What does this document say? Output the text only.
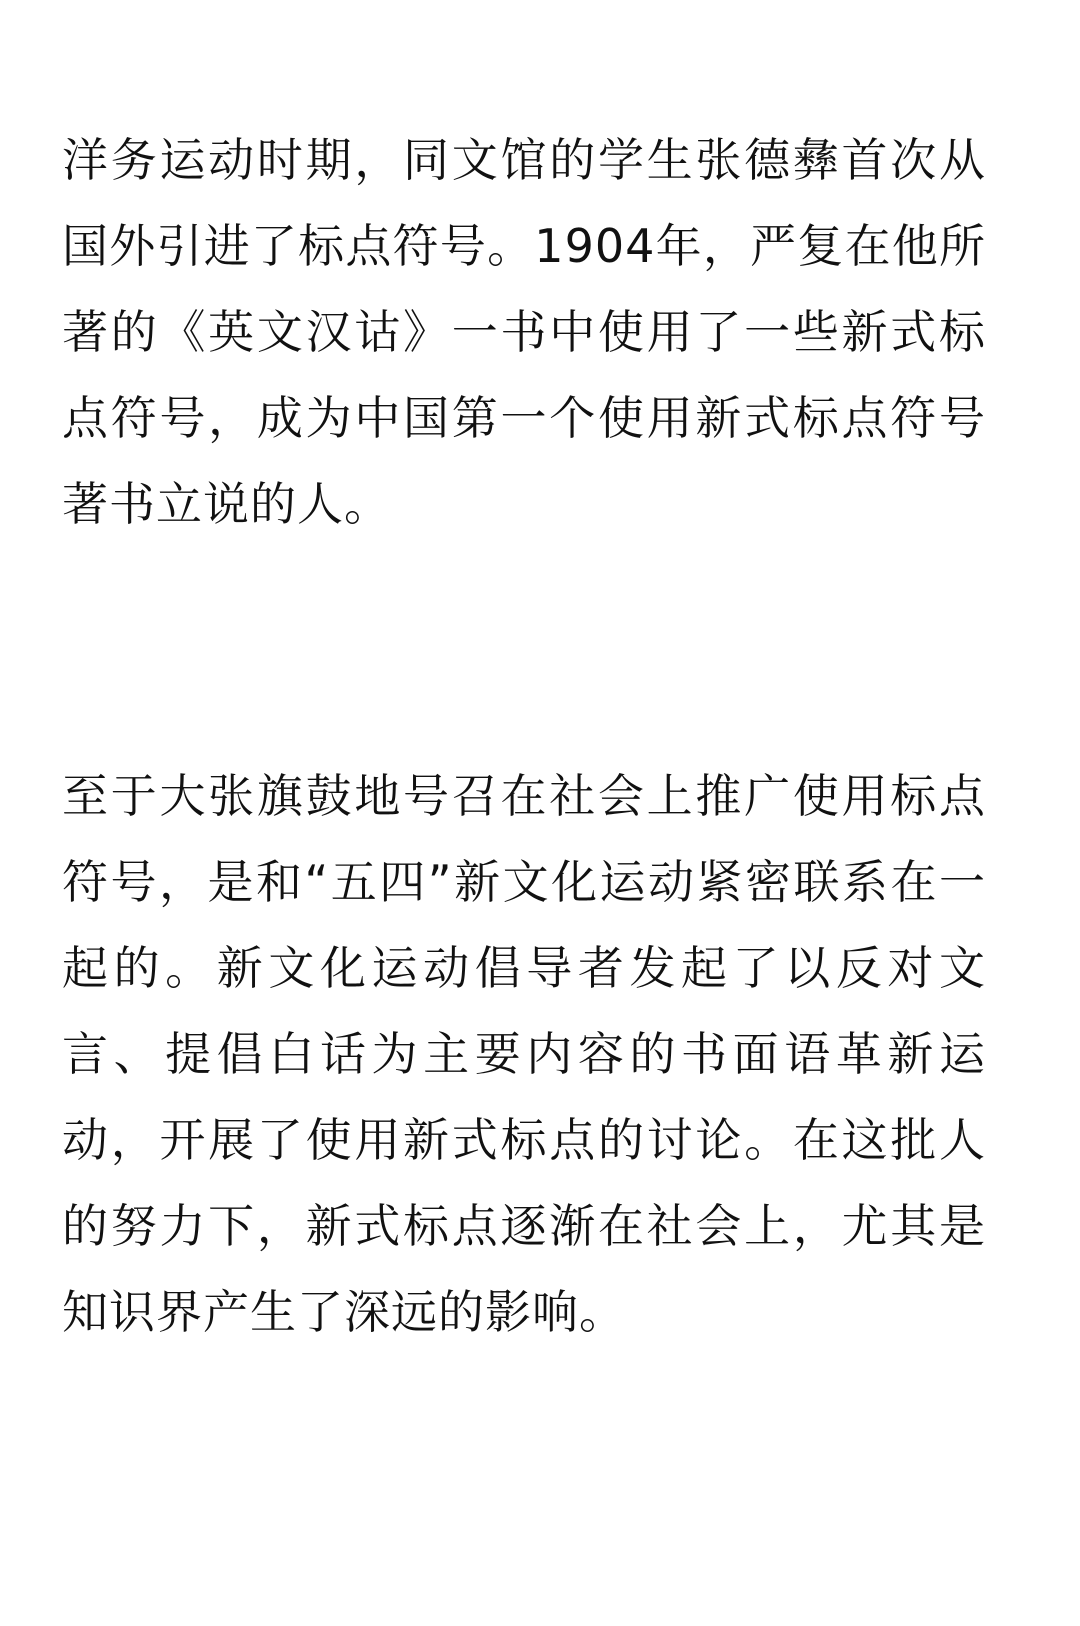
洋务运动时期，同文馆的学生张德彝首次从国外引进了标点符号。1904年，严复在他所著的《英文汉诂》一书中使用了一些新式标点符号，成为中国第一个使用新式标点符号著书立说的人。

至于大张旗鼓地号召在社会上推广使用标点符号，是和“五四”新文化运动紧密联系在一起的。新文化运动倡导者发起了以反对文言、提倡白话为主要内容的书面语革新运动，开展了使用新式标点的讨论。在这批人的努力下，新式标点逐渐在社会上，尤其是知识界产生了深远的影响。
